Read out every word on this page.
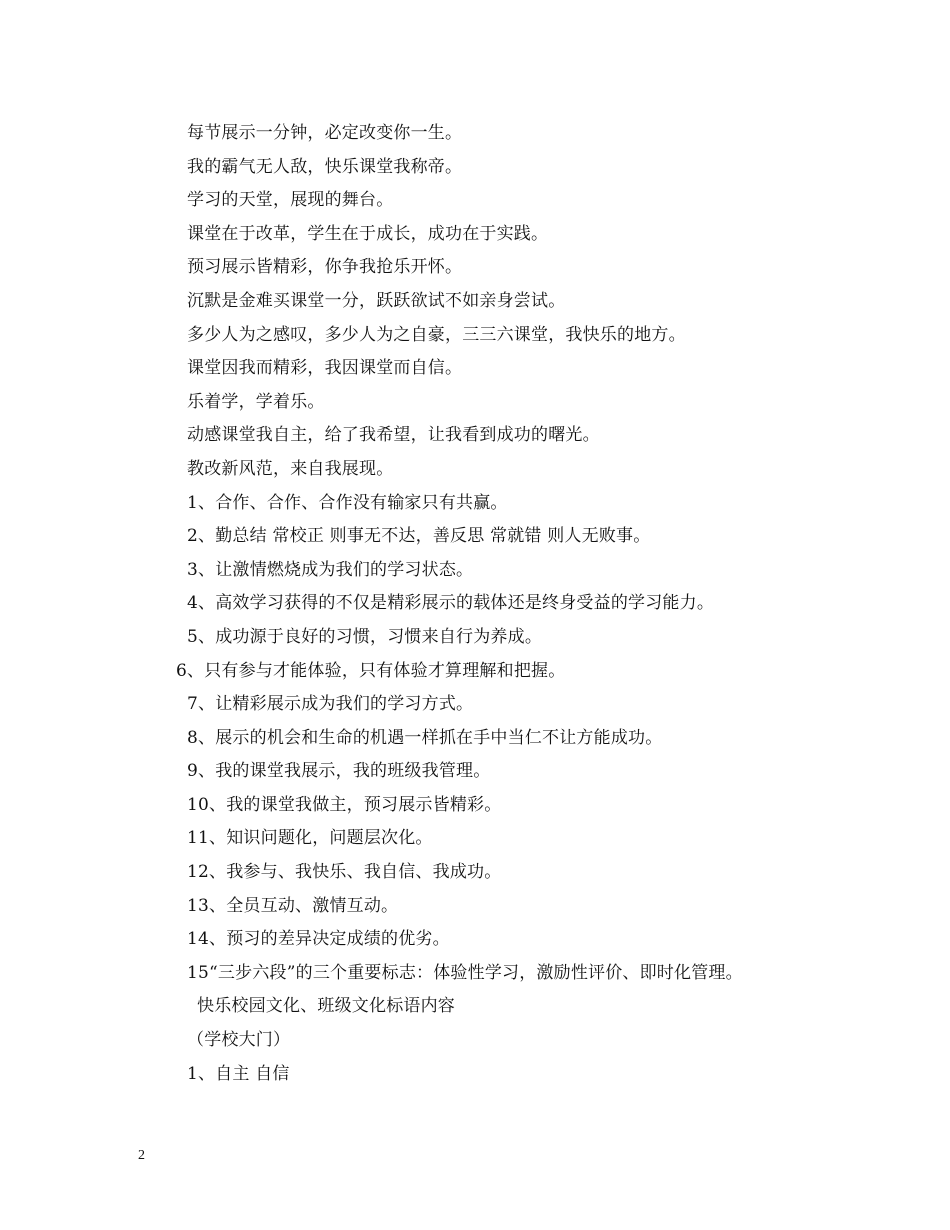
每节展示一分钟，必定改变你一生。
我的霸气无人敌，快乐课堂我称帝。
学习的天堂，展现的舞台。
课堂在于改革，学生在于成长，成功在于实践。
预习展示皆精彩，你争我抢乐开怀。
沉默是金难买课堂一分，跃跃欲试不如亲身尝试。
多少人为之感叹，多少人为之自豪，三三六课堂，我快乐的地方。
课堂因我而精彩，我因课堂而自信。
乐着学，学着乐。
动感课堂我自主，给了我希望，让我看到成功的曙光。
教改新风范，来自我展现。
1、合作、合作、合作没有输家只有共赢。
2、勤总结 常校正 则事无不达，善反思 常就错 则人无败事。
3、让激情燃烧成为我们的学习状态。
4、高效学习获得的不仅是精彩展示的载体还是终身受益的学习能力。
5、成功源于良好的习惯，习惯来自行为养成。
6、只有参与才能体验，只有体验才算理解和把握。
7、让精彩展示成为我们的学习方式。
8、展示的机会和生命的机遇一样抓在手中当仁不让方能成功。
9、我的课堂我展示，我的班级我管理。
10、我的课堂我做主，预习展示皆精彩。
11、知识问题化，问题层次化。
12、我参与、我快乐、我自信、我成功。
13、全员互动、激情互动。
14、预习的差异决定成绩的优劣。
15“三步六段”的三个重要标志：体验性学习，激励性评价、即时化管理。
快乐校园文化、班级文化标语内容
（学校大门）
1、自主 自信
2
